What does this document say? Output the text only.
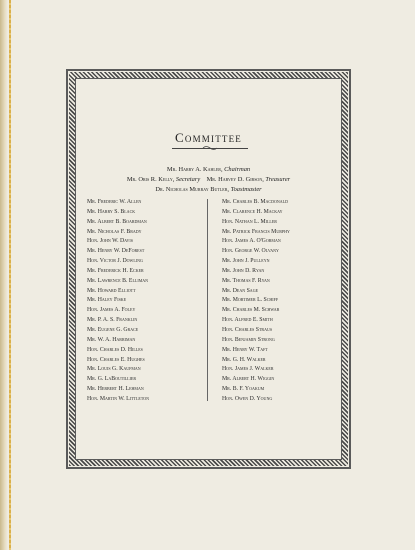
Committee
Mr. Harry A. Kahler, Chairman
Mr. Oris R. Kelly, Secretary Mr. Harvey D. Gibson, Treasurer
Dr. Nicholas Murray Butler, Toastmaster
Mr. Frederic W. Allen
Mr. Harry S. Black
Mr. Albert B. Boardman
Mr. Nicholas F. Brady
Hon. John W. Davis
Mr. Henry W. DeForest
Hon. Victor J. Dowling
Mr. Frederick H. Ecker
Mr. Lawrence B. Elliman
Mr. Howard Elliott
Mr. Haley Fiske
Hon. James A. Foley
Mr. P. A. S. Franklin
Mr. Eugene G. Grace
Mr. W. A. Harriman
Hon. Charles D. Hilles
Hon. Charles E. Hughes
Mr. Louis G. Kaufman
Mr. G. LaBoutillier
Mr. Herbert H. Lehman
Hon. Martin W. Littleton
Mr. Charles B. Macdonald
Mr. Clarence H. Mackay
Hon. Nathan L. Miller
Mr. Patrick Francis Murphy
Hon. James A. O'Gorman
Hon. George W. Olvany
Mr. John J. Pulleyn
Mr. John D. Ryan
Mr. Thomas F. Ryan
Mr. Dean Sage
Mr. Mortimer L. Schiff
Mr. Charles M. Schwab
Hon. Alfred E. Smith
Hon. Charles Straus
Hon. Benjamin Strong
Mr. Henry W. Taft
Mr. G. H. Walker
Hon. James J. Walker
Mr. Albert H. Wiggin
Mr. B. F. Yoakum
Hon. Owen D. Young
